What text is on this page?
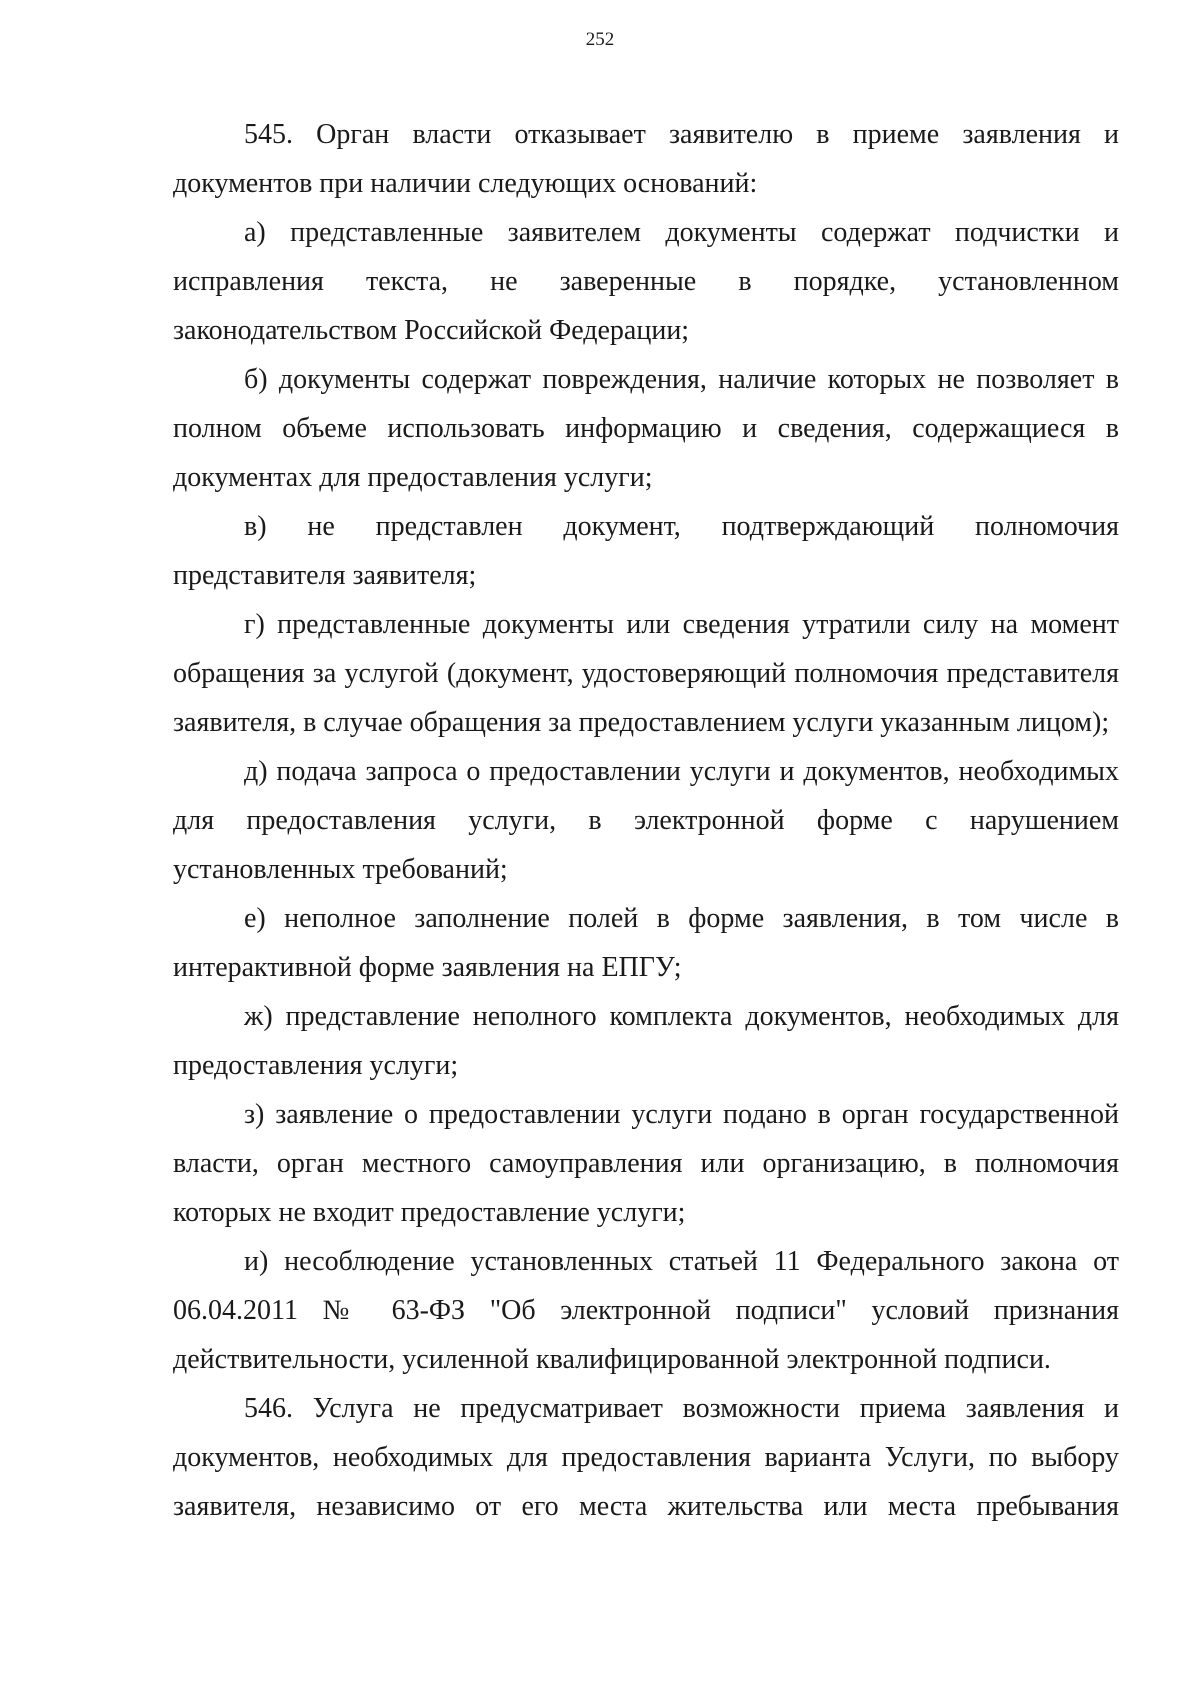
252

545. Орган власти отказывает заявителю в приеме заявления и документов при наличии следующих оснований:

а) представленные заявителем документы содержат подчистки и исправления текста, не заверенные в порядке, установленном законодательством Российской Федерации;

б) документы содержат повреждения, наличие которых не позволяет в полном объеме использовать информацию и сведения, содержащиеся в документах для предоставления услуги;

в) не представлен документ, подтверждающий полномочия представителя заявителя;

г) представленные документы или сведения утратили силу на момент обращения за услугой (документ, удостоверяющий полномочия представителя заявителя, в случае обращения за предоставлением услуги указанным лицом);

д) подача запроса о предоставлении услуги и документов, необходимых для предоставления услуги, в электронной форме с нарушением установленных требований;

е) неполное заполнение полей в форме заявления, в том числе в интерактивной форме заявления на ЕПГУ;

ж) представление неполного комплекта документов, необходимых для предоставления услуги;

з) заявление о предоставлении услуги подано в орган государственной власти, орган местного самоуправления или организацию, в полномочия которых не входит предоставление услуги;

и) несоблюдение установленных статьей 11 Федерального закона от 06.04.2011 № 63-ФЗ "Об электронной подписи" условий признания действительности, усиленной квалифицированной электронной подписи.

546. Услуга не предусматривает возможности приема заявления и документов, необходимых для предоставления варианта Услуги, по выбору заявителя, независимо от его места жительства или места пребывания
